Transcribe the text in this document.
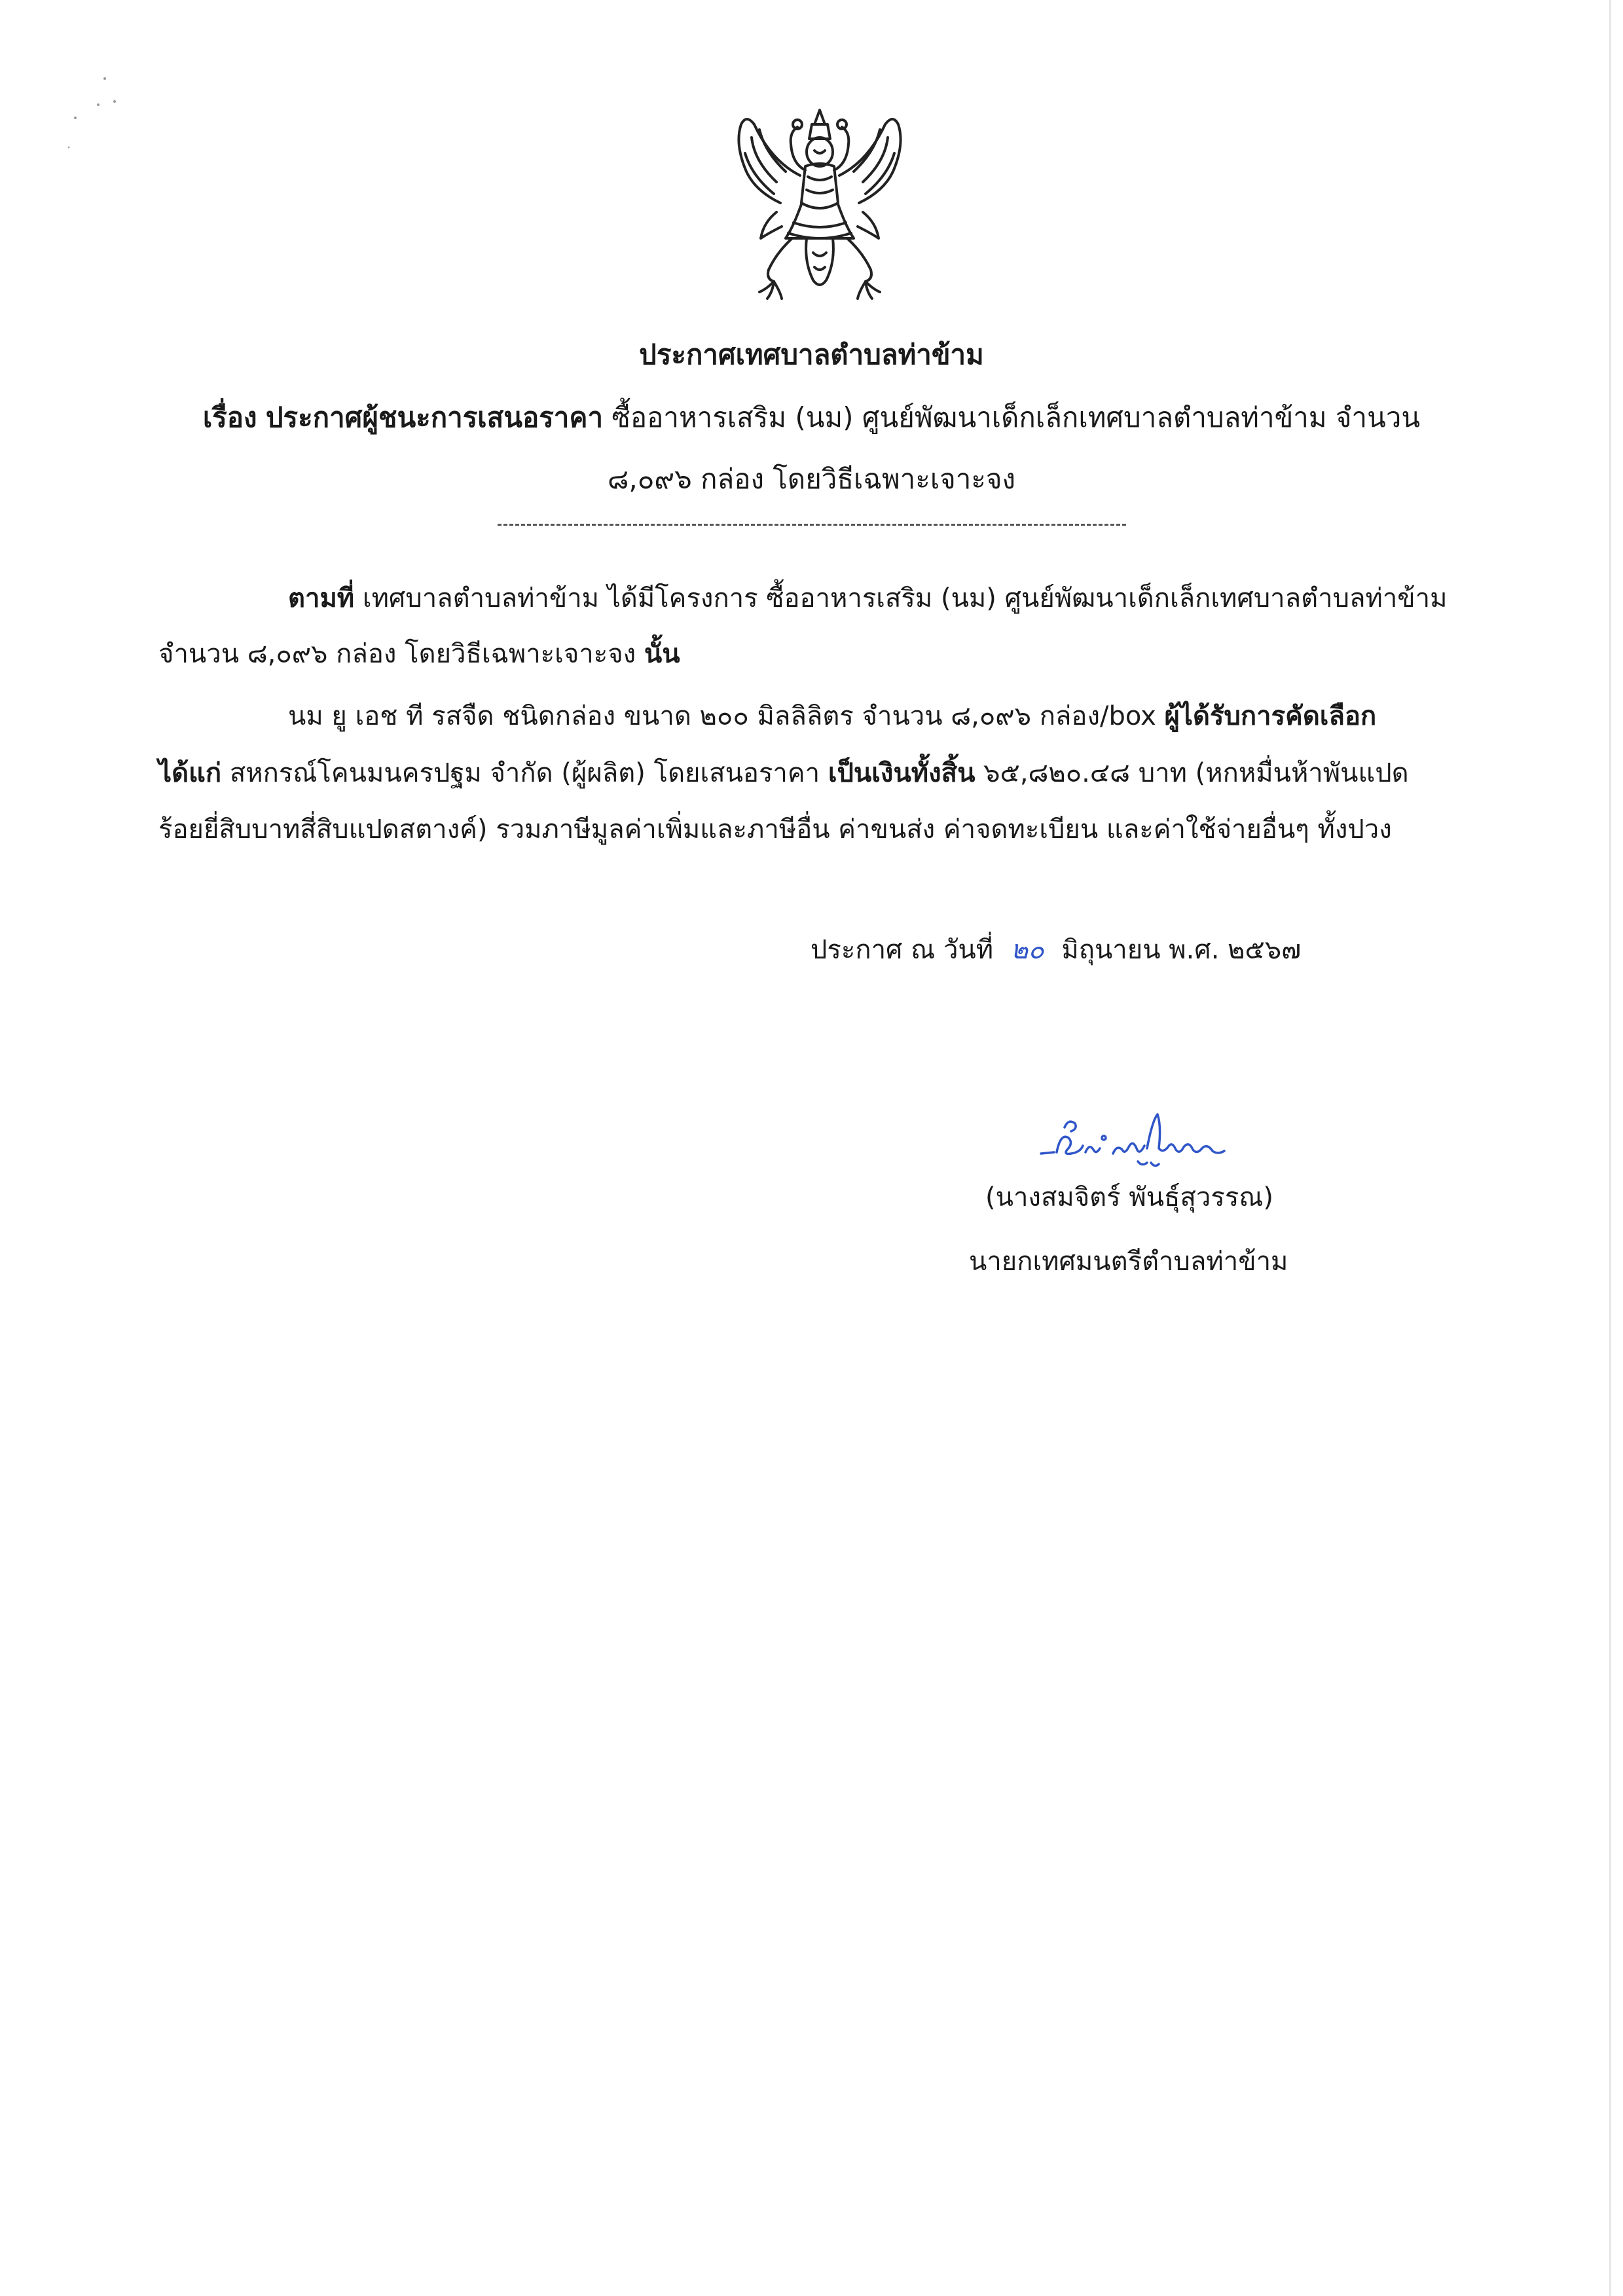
ประกาศเทศบาลตำบลท่าข้าม
เรื่อง ประกาศผู้ชนะการเสนอราคา ซื้ออาหารเสริม (นม) ศูนย์พัฒนาเด็กเล็กเทศบาลตำบลท่าข้าม จำนวน
๘,๐๙๖ กล่อง โดยวิธีเฉพาะเจาะจง
ตามที่ เทศบาลตำบลท่าข้าม ได้มีโครงการ ซื้ออาหารเสริม (นม) ศูนย์พัฒนาเด็กเล็กเทศบาลตำบลท่าข้าม
จำนวน ๘,๐๙๖ กล่อง โดยวิธีเฉพาะเจาะจง นั้น
นม ยู เอช ที รสจืด ชนิดกล่อง ขนาด ๒๐๐ มิลลิลิตร จำนวน ๘,๐๙๖ กล่อง/box ผู้ได้รับการคัดเลือก
ได้แก่ สหกรณ์โคนมนครปฐม จำกัด (ผู้ผลิต) โดยเสนอราคา เป็นเงินทั้งสิ้น ๖๕,๘๒๐.๔๘ บาท (หกหมื่นห้าพันแปด
ร้อยยี่สิบบาทสี่สิบแปดสตางค์) รวมภาษีมูลค่าเพิ่มและภาษีอื่น ค่าขนส่ง ค่าจดทะเบียน และค่าใช้จ่ายอื่นๆ ทั้งปวง
ประกาศ ณ วันที่ ๒๐ มิถุนายน พ.ศ. ๒๕๖๗
(นางสมจิตร์ พันธุ์สุวรรณ)
นายกเทศมนตรีตำบลท่าข้าม
